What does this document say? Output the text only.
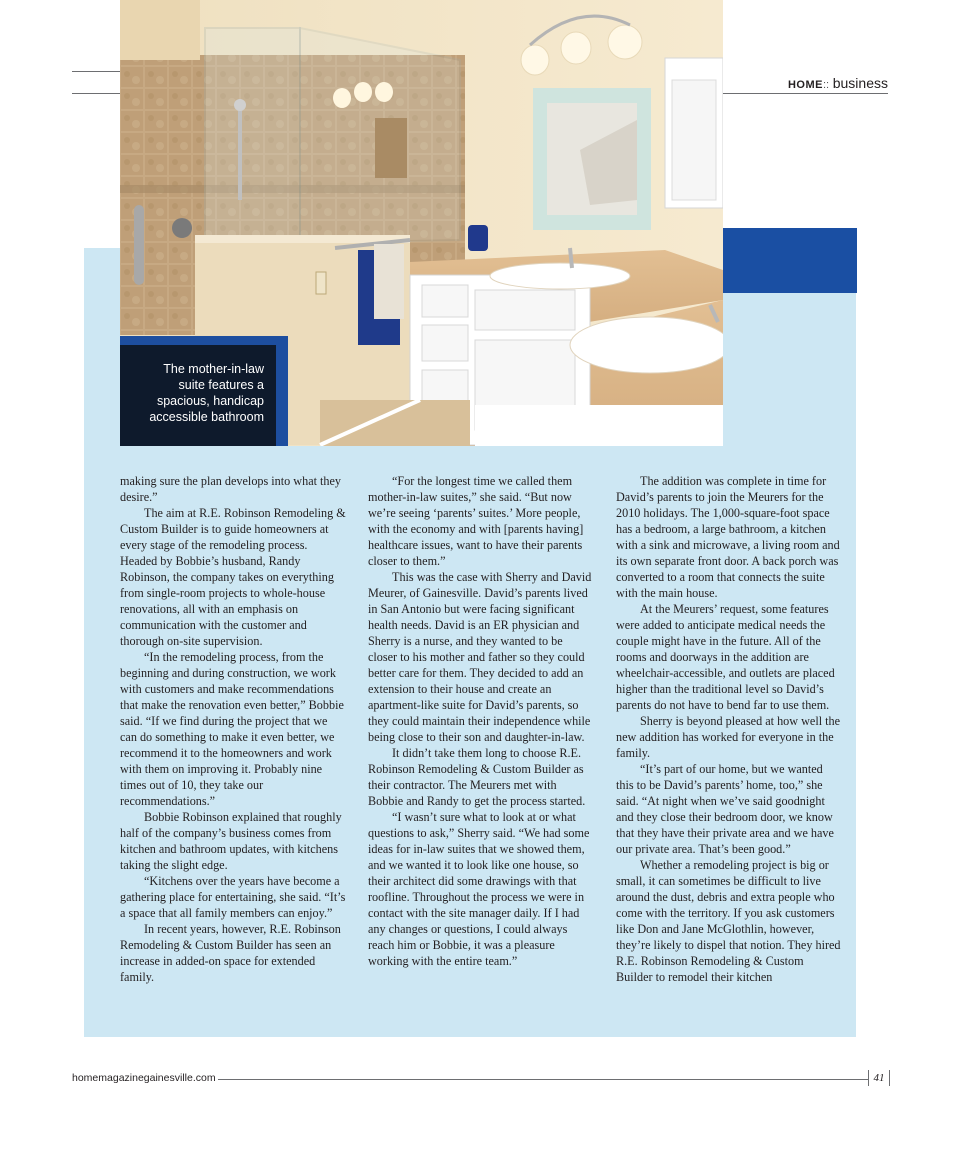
HOME:: business
The mother-in-law suite features a spacious, handicap accessible bathroom

making sure the plan develops into what they desire.”

The aim at R.E. Robinson Remodeling & Custom Builder is to guide homeowners at every stage of the remodeling process. Headed by Bobbie’s husband, Randy Robinson, the company takes on everything from single-room projects to whole-house renovations, all with an emphasis on communication with the customer and thorough on-site supervision.

“In the remodeling process, from the beginning and during construction, we work with customers and make recommendations that make the renovation even better,” Bobbie said. “If we find during the project that we can do something to make it even better, we recommend it to the homeowners and work with them on improving it. Probably nine times out of 10, they take our recommendations.”

Bobbie Robinson explained that roughly half of the company’s business comes from kitchen and bathroom updates, with kitchens taking the slight edge.

“Kitchens over the years have become a gathering place for entertaining, she said. “It’s a space that all family members can enjoy.”

In recent years, however, R.E. Robinson Remodeling & Custom Builder has seen an increase in added-on space for extended family.

“For the longest time we called them mother-in-law suites,” she said. “But now we’re seeing ‘parents’ suites.’ More people, with the economy and with [parents having] healthcare issues, want to have their parents closer to them.”

This was the case with Sherry and David Meurer, of Gainesville. David’s parents lived in San Antonio but were facing significant health needs. David is an ER physician and Sherry is a nurse, and they wanted to be closer to his mother and father so they could better care for them. They decided to add an extension to their house and create an apartment-like suite for David’s parents, so they could maintain their independence while being close to their son and daughter-in-law.

It didn’t take them long to choose R.E. Robinson Remodeling & Custom Builder as their contractor. The Meurers met with Bobbie and Randy to get the process started.

“I wasn’t sure what to look at or what questions to ask,” Sherry said. “We had some ideas for in-law suites that we showed them, and we wanted it to look like one house, so their architect did some drawings with that roofline. Throughout the process we were in contact with the site manager daily. If I had any changes or questions, I could always reach him or Bobbie, it was a pleasure working with the entire team.”

The addition was complete in time for David’s parents to join the Meurers for the 2010 holidays. The 1,000-square-foot space has a bedroom, a large bathroom, a kitchen with a sink and microwave, a living room and its own separate front door. A back porch was converted to a room that connects the suite with the main house.

At the Meurers’ request, some features were added to anticipate medical needs the couple might have in the future. All of the rooms and doorways in the addition are wheelchair-accessible, and outlets are placed higher than the traditional level so David’s parents do not have to bend far to use them.

Sherry is beyond pleased at how well the new addition has worked for everyone in the family.

“It’s part of our home, but we wanted this to be David’s parents’ home, too,” she said. “At night when we’ve said goodnight and they close their bedroom door, we know that they have their private area and we have our private area. That’s been good.”

Whether a remodeling project is big or small, it can sometimes be difficult to live around the dust, debris and extra people who come with the territory. If you ask customers like Don and Jane McGlothlin, however, they’re likely to dispel that notion. They hired R.E. Robinson Remodeling & Custom Builder to remodel their kitchen

homemagazinegainesville.com	41
